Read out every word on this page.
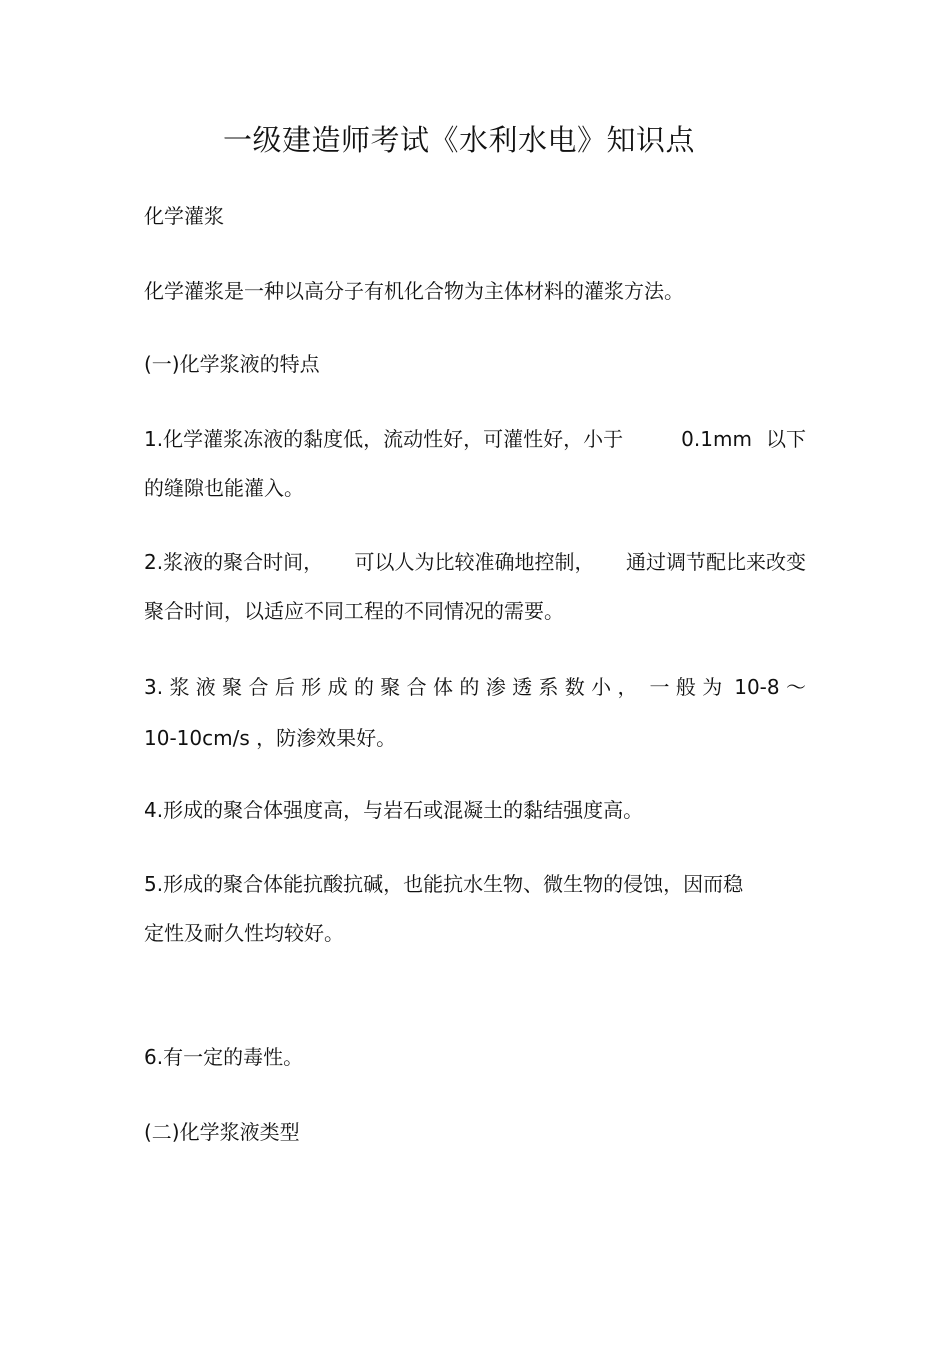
一级建造师考试《水利水电》知识点
化学灌浆
化学灌浆是一种以高分子有机化合物为主体材料的灌浆方法。
(一)化学浆液的特点
1.化学灌浆冻液的黏度低，流动性好，可灌性好，小于	0.1mm 以下
的缝隙也能灌入。
2.浆液的聚合时间， 可以人为比较准确地控制， 通过调节配比来改变
聚合时间，以适应不同工程的不同情况的需要。
3. 浆 液 聚 合 后 形 成 的 聚 合 体 的 渗 透 系 数 小 ， 一 般 为 10-8 ～
10-10cm/s ，防渗效果好。
4.形成的聚合体强度高，与岩石或混凝土的黏结强度高。
5.形成的聚合体能抗酸抗碱，也能抗水生物、微生物的侵蚀，因而稳
定性及耐久性均较好。
6.有一定的毒性。
(二)化学浆液类型
